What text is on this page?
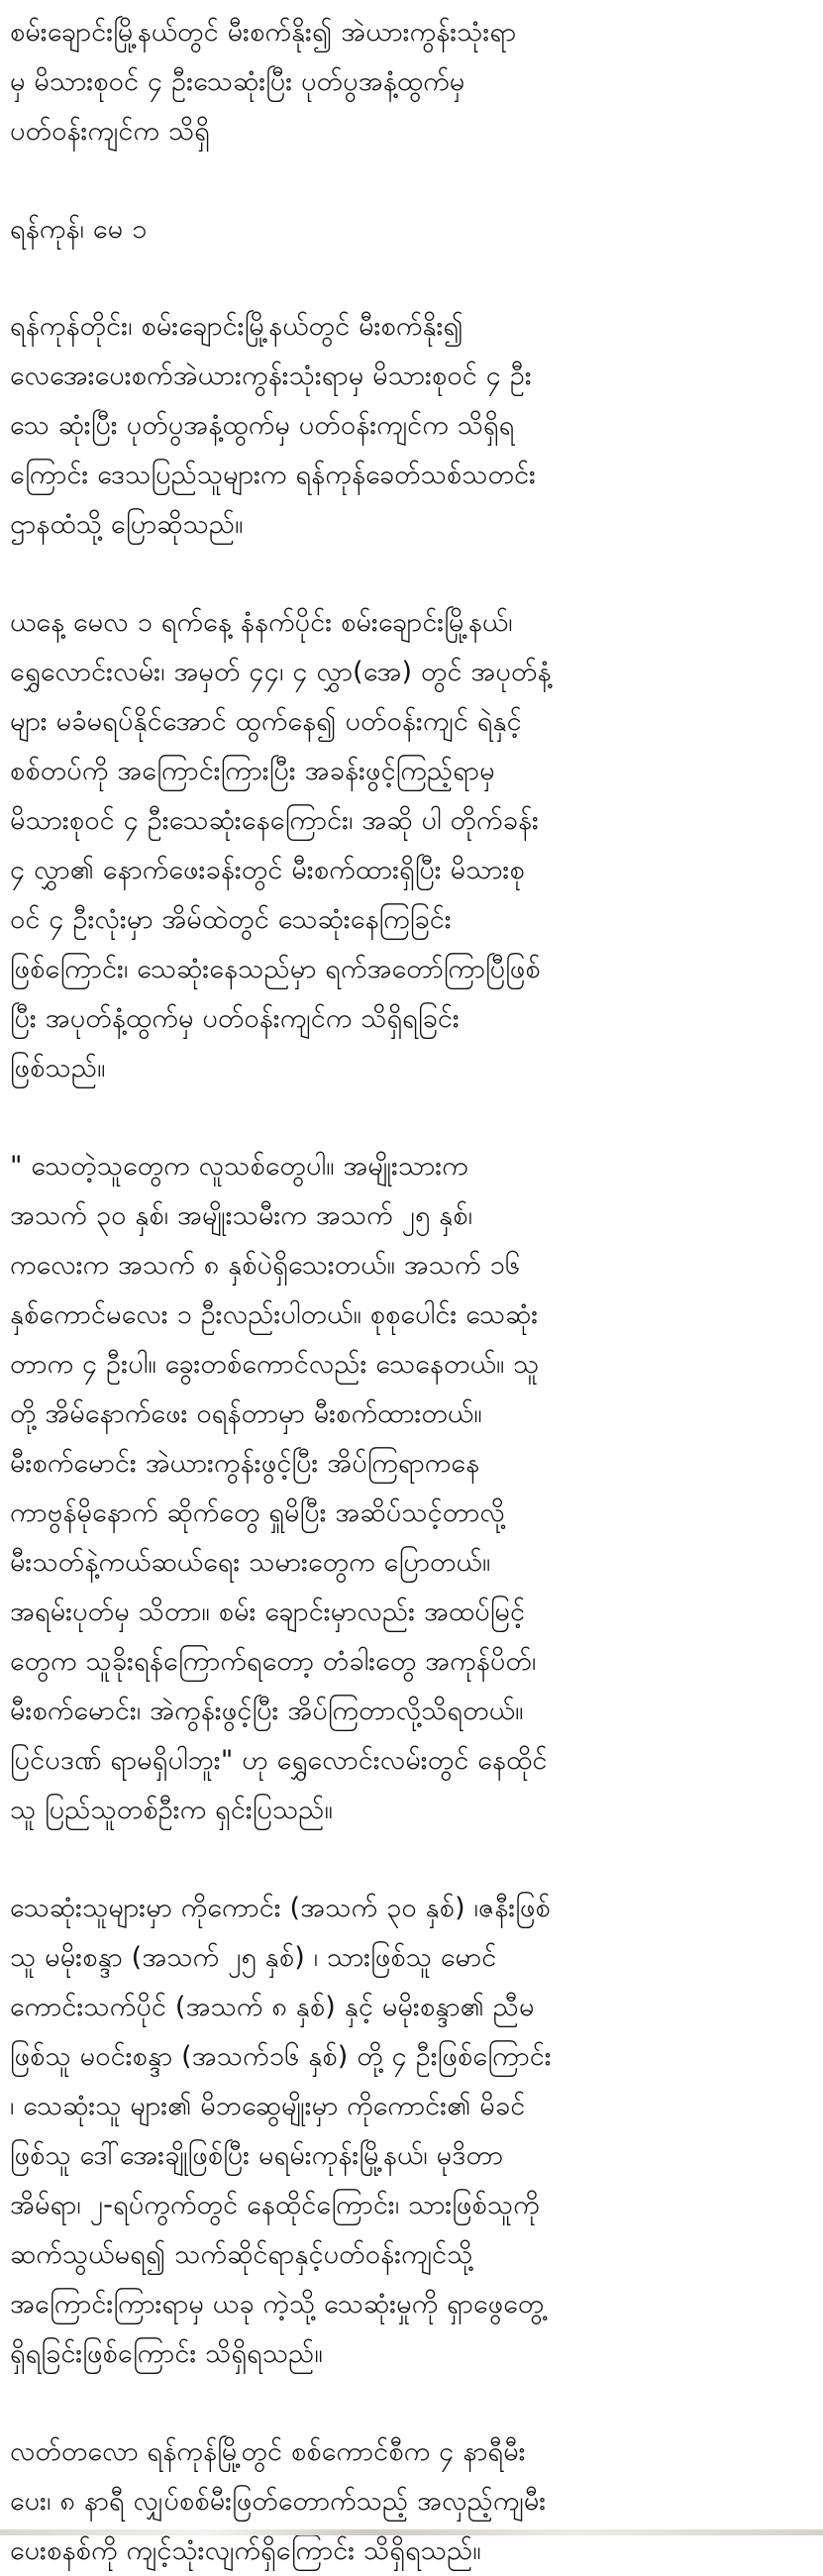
စမ်းချောင်းမြို့နယ်တွင် မီးစက်နိုး၍ အဲယားကွန်းသုံးရာ
မှ မိသားစုဝင် ၄ ဦးသေဆုံးပြီး ပုတ်ပွအနံ့ထွက်မှ
ပတ်ဝန်းကျင်က သိရှိ

ရန်ကုန်၊ မေ ၁

ရန်ကုန်တိုင်း၊ စမ်းချောင်းမြို့နယ်တွင် မီးစက်နိုး၍
လေအေးပေးစက်အဲယားကွန်းသုံးရာမှ မိသားစုဝင် ၄ ဦး
သေ ဆုံးပြီး ပုတ်ပွအနံ့ထွက်မှ ပတ်ဝန်းကျင်က သိရှိရ
ကြောင်း ဒေသပြည်သူများက ရန်ကုန်ခေတ်သစ်သတင်း
ဌာနထံသို့ ပြောဆိုသည်။

ယနေ့ မေလ ၁ ရက်နေ့ နံနက်ပိုင်း စမ်းချောင်းမြို့နယ်၊
ရွှေလောင်းလမ်း၊ အမှတ် ၄၄၊ ၄ လွှာ(အေ) တွင် အပုတ်နံ့
များ မခံမရပ်နိုင်အောင် ထွက်နေ၍ ပတ်ဝန်းကျင် ရဲနှင့်
စစ်တပ်ကို အကြောင်းကြားပြီး အခန်းဖွင့်ကြည့်ရာမှ
မိသားစုဝင် ၄ ဦးသေဆုံးနေကြောင်း၊ အဆို ပါ တိုက်ခန်း
၄ လွှာ၏ နောက်ဖေးခန်းတွင် မီးစက်ထားရှိပြီး မိသားစု
ဝင် ၄ ဦးလုံးမှာ အိမ်ထဲတွင် သေဆုံးနေကြခြင်း
ဖြစ်ကြောင်း၊ သေဆုံးနေသည်မှာ ရက်အတော်ကြာပြီဖြစ်
ပြီး အပုတ်နံ့ထွက်မှ ပတ်ဝန်းကျင်က သိရှိရခြင်း
ဖြစ်သည်။

" သေတဲ့သူတွေက လူသစ်တွေပါ။ အမျိုးသားက
အသက် ၃၀ နှစ်၊ အမျိုးသမီးက အသက် ၂၅ နှစ်၊
ကလေးက အသက် ၈ နှစ်ပဲရှိသေးတယ်။ အသက် ၁၆
နှစ်ကောင်မလေး ၁ ဦးလည်းပါတယ်။ စုစုပေါင်း သေဆုံး
တာက ၄ ဦးပါ။ ခွေးတစ်ကောင်လည်း သေနေတယ်။ သူ
တို့ အိမ်နောက်ဖေး ဝရန်တာမှာ မီးစက်ထားတယ်။
မီးစက်မောင်း အဲယားကွန်းဖွင့်ပြီး အိပ်ကြရာကနေ
ကာဗွန်မိုနောက် ဆိုက်တွေ ရှူမိပြီး အဆိပ်သင့်တာလို့
မီးသတ်နဲ့ကယ်ဆယ်ရေး သမားတွေက ပြောတယ်။
အရမ်းပုတ်မှ သိတာ။ စမ်း ချောင်းမှာလည်း အထပ်မြင့်
တွေက သူခိုးရန်ကြောက်ရတော့ တံခါးတွေ အကုန်ပိတ်၊
မီးစက်မောင်း၊ အဲကွန်းဖွင့်ပြီး အိပ်ကြတာလို့သိရတယ်။
ပြင်ပဒဏ် ရာမရှိပါဘူး" ဟု ရွှေလောင်းလမ်းတွင် နေထိုင်
သူ ပြည်သူတစ်ဦးက ရှင်းပြသည်။

သေဆုံးသူများမှာ ကိုကောင်း (အသက် ၃၀ နှစ်) ၊ဇနီးဖြစ်
သူ မမိုးစန္ဒာ (အသက် ၂၅ နှစ်) ၊ သားဖြစ်သူ မောင်
ကောင်းသက်ပိုင် (အသက် ၈ နှစ်) နှင့် မမိုးစန္ဒာ၏ ညီမ
ဖြစ်သူ မဝင်းစန္ဒာ (အသက်၁၆ နှစ်) တို့ ၄ ဦးဖြစ်ကြောင်း
၊ သေဆုံးသူ များ၏ မိဘဆွေမျိုးမှာ ကိုကောင်း၏ မိခင်
ဖြစ်သူ ဒေါ်အေးချိုဖြစ်ပြီး မရမ်းကုန်းမြို့နယ်၊ မုဒိတာ
အိမ်ရာ၊ ၂-ရပ်ကွက်တွင် နေထိုင်ကြောင်း၊ သားဖြစ်သူကို
ဆက်သွယ်မရ၍ သက်ဆိုင်ရာနှင့်ပတ်ဝန်းကျင်သို့
အကြောင်းကြားရာမှ ယခု ကဲ့သို့ သေဆုံးမှုကို ရှာဖွေတွေ့
ရှိရခြင်းဖြစ်ကြောင်း သိရှိရသည်။

လတ်တလော ရန်ကုန်မြို့တွင် စစ်ကောင်စီက ၄ နာရီမီး
ပေး၊ ၈ နာရီ လျှပ်စစ်မီးဖြတ်တောက်သည့် အလှည့်ကျမီး
ပေးစနစ်ကို ကျင့်သုံးလျက်ရှိကြောင်း သိရှိရသည်။
